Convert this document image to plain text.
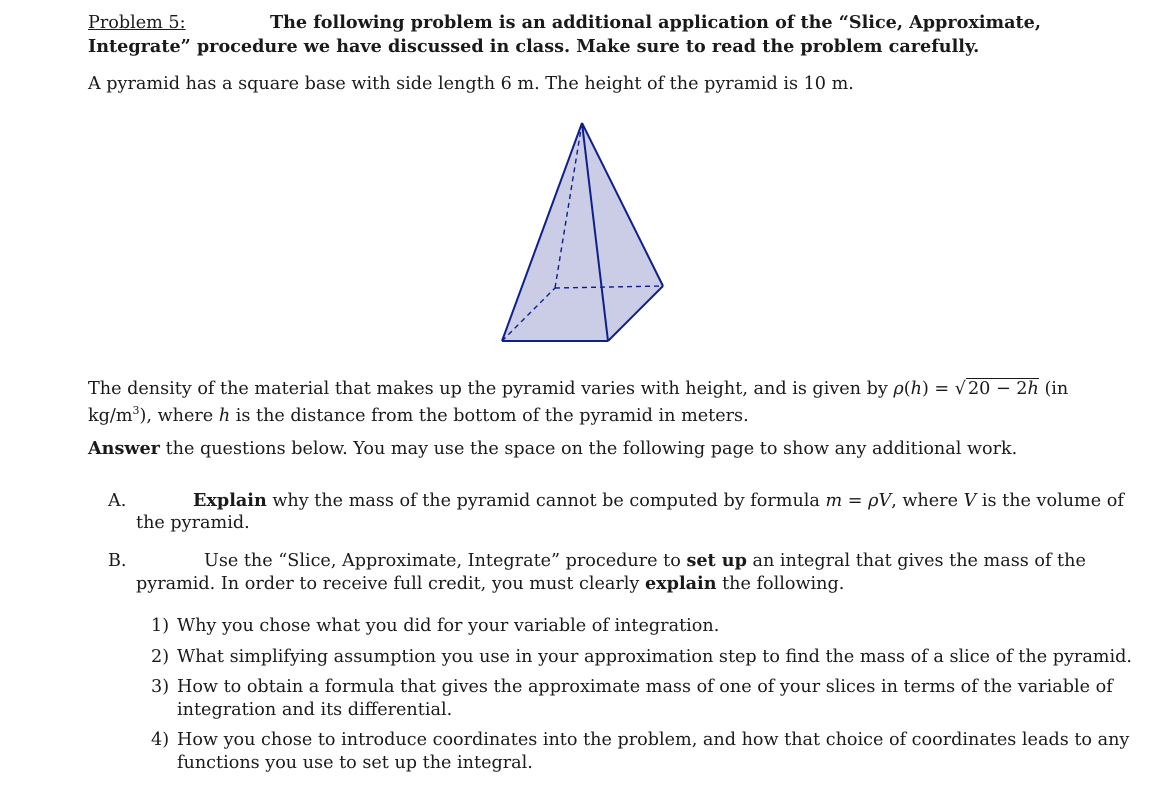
Problem 5:	The following problem is an additional application of the “Slice, Approximate,
Integrate” procedure we have discussed in class. Make sure to read the problem carefully.
A pyramid has a square base with side length 6 m. The height of the pyramid is 10 m.
The density of the material that makes up the pyramid varies with height, and is given by ρ(h) = √ 20 − 2h (in
$kg/m^3$), where h is the distance from the bottom of the pyramid in meters.
Answer the questions below. You may use the space on the following page to show any additional work.
A.	Explain why the mass of the pyramid cannot be computed by formula m = ρV, where V is the volume of
the pyramid.
B.	Use the “Slice, Approximate, Integrate” procedure to set up an integral that gives the mass of the
pyramid. In order to receive full credit, you must clearly explain the following.
1) Why you chose what you did for your variable of integration.
2) What simplifying assumption you use in your approximation step to find the mass of a slice of the pyramid.
3) How to obtain a formula that gives the approximate mass of one of your slices in terms of the variable of
integration and its differential.
4) How you chose to introduce coordinates into the problem, and how that choice of coordinates leads to any
functions you use to set up the integral.
